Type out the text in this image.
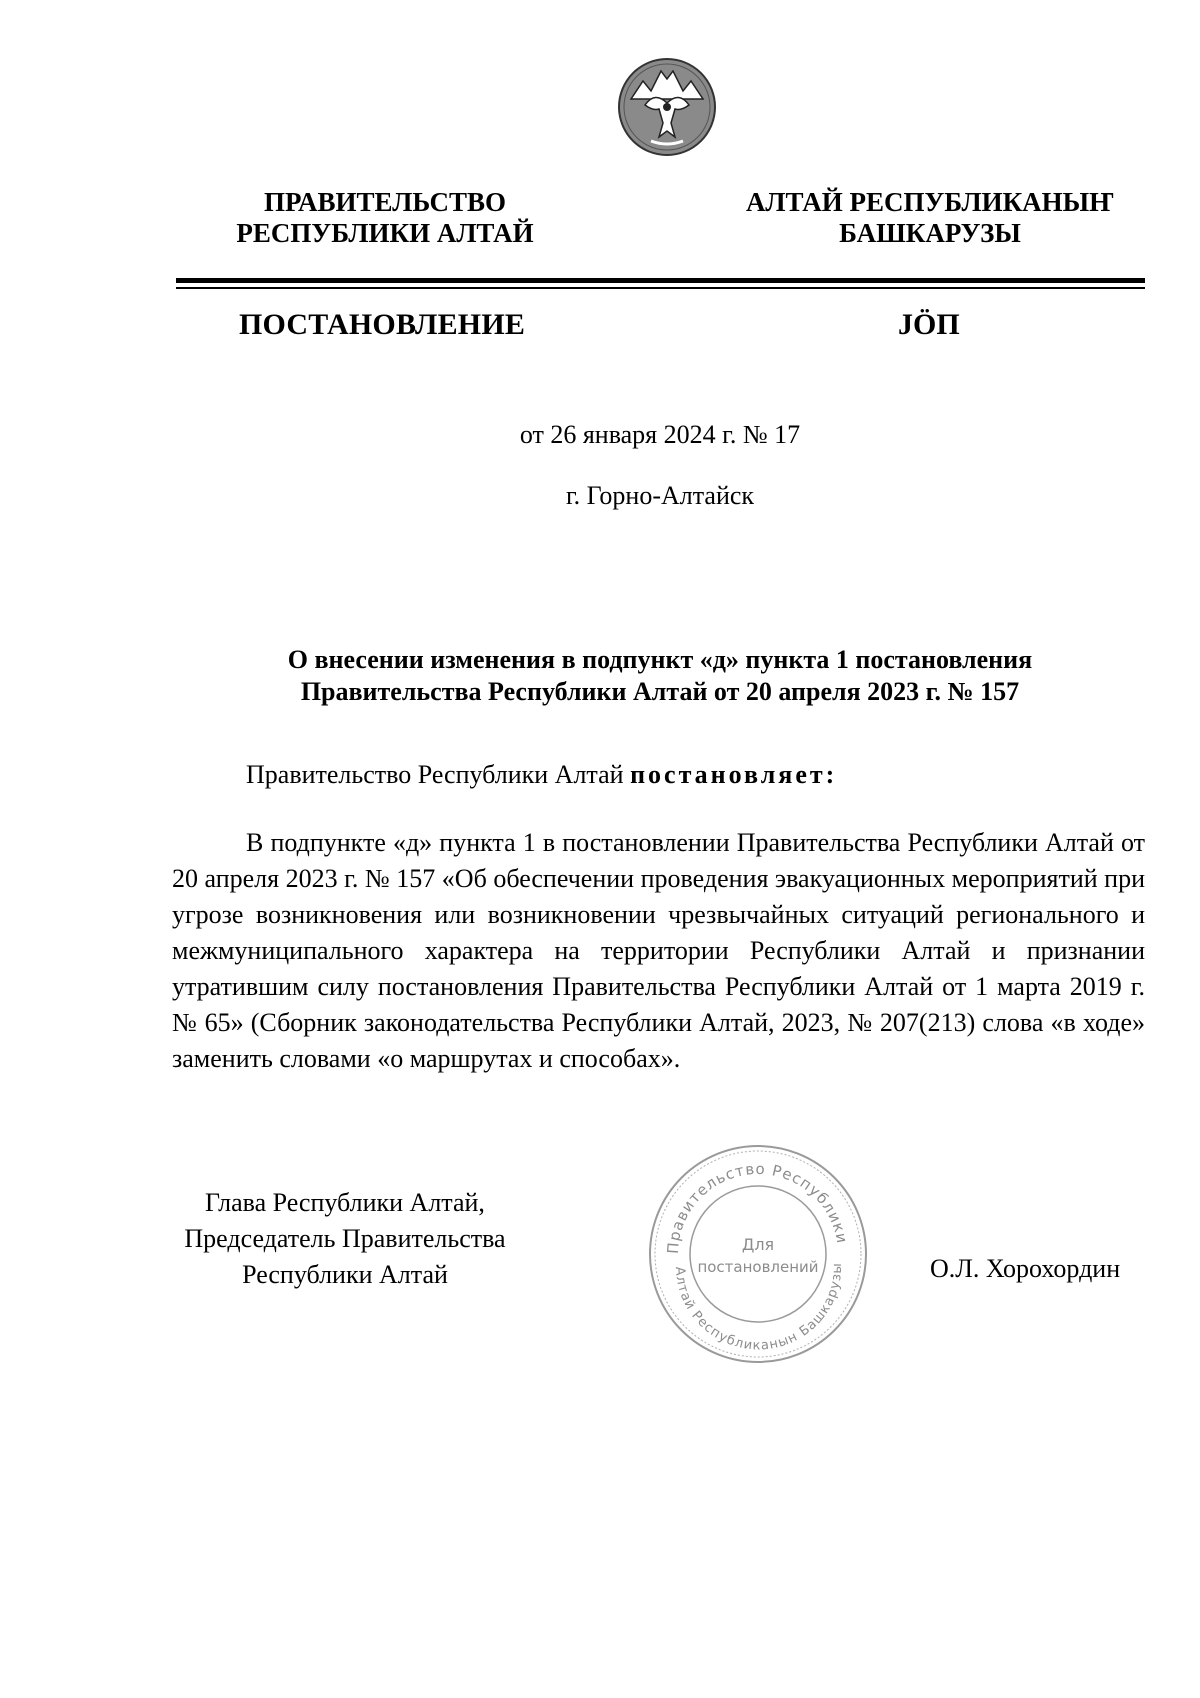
ПРАВИТЕЛЬСТВО
РЕСПУБЛИКИ АЛТАЙ
АЛТАЙ РЕСПУБЛИКАНЫҤ
БАШКАРУЗЫ
ПОСТАНОВЛЕНИЕ	JÖП
от 26 января 2024 г. № 17
г. Горно-Алтайск
О внесении изменения в подпункт «д» пункта 1 постановления
Правительства Республики Алтай от 20 апреля 2023 г. № 157
Правительство Республики Алтай постановляет:

В подпункте «д» пункта 1 в постановлении Правительства Республики Алтай от 20 апреля 2023 г. № 157 «Об обеспечении проведения эвакуационных мероприятий при угрозе возникновения или возникновении чрезвычайных ситуаций регионального и межмуниципального характера на территории Республики Алтай и признании утратившим силу постановления Правительства Республики Алтай от 1 марта 2019 г. № 65» (Сборник законодательства Республики Алтай, 2023, № 207(213) слова «в ходе» заменить словами «о маршрутах и способах».

Глава Республики Алтай,
Председатель Правительства
Республики Алтай
Правительство Республики
Алтай Республиканын Башкарузы
Для
постановлений	О.Л. Хорохордин
